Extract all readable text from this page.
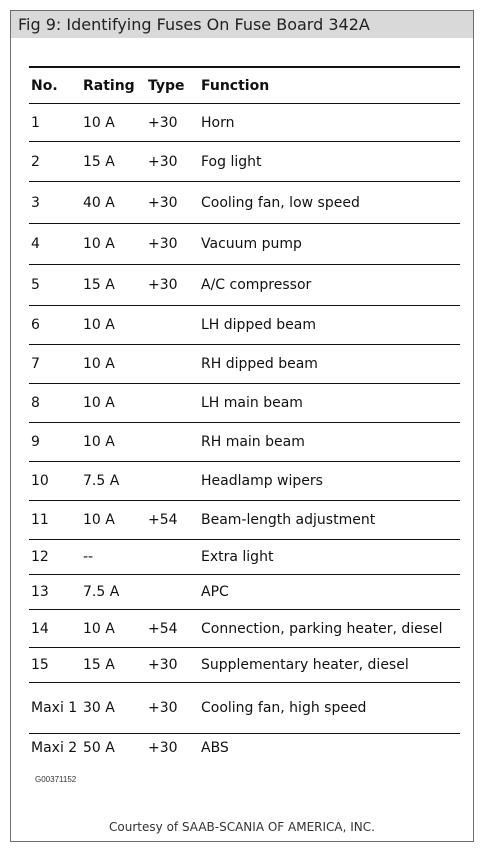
Fig 9: Identifying Fuses On Fuse Board 342A
No.	Rating	Type	Function
1	10 A	+30	Horn
2	15 A	+30	Fog light
3	40 A	+30	Cooling fan, low speed
4	10 A	+30	Vacuum pump
5	15 A	+30	A/C compressor
6	10 A		LH dipped beam
7	10 A		RH dipped beam
8	10 A		LH main beam
9	10 A		RH main beam
10	7.5 A		Headlamp wipers
11	10 A	+54	Beam-length adjustment
12	--		Extra light
13	7.5 A		APC
14	10 A	+54	Connection, parking heater, diesel
15	15 A	+30	Supplementary heater, diesel
Maxi 1	30 A	+30	Cooling fan, high speed
Maxi 2	50 A	+30	ABS
G00371152
Courtesy of SAAB-SCANIA OF AMERICA, INC.
